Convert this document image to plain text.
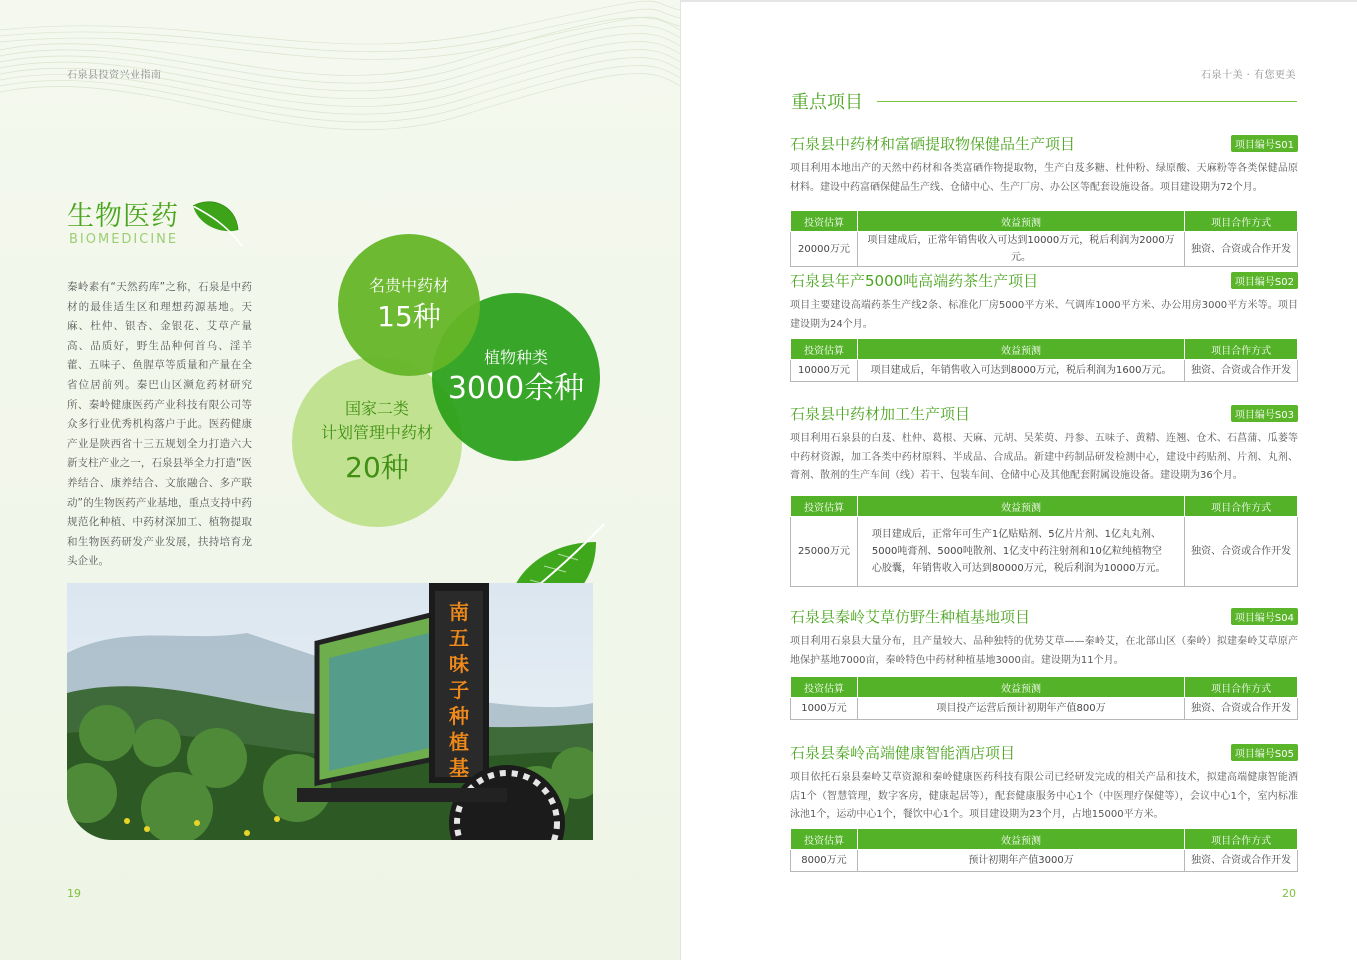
石泉县投资兴业指南
生物医药
BIOMEDICINE
秦岭素有“天然药库”之称，石泉是中药材的最佳适生区和理想药源基地。天麻、杜仲、银杏、金银花、艾草产量高、品质好，野生品种何首乌、淫羊藿、五味子、鱼腥草等质量和产量在全省位居前列。秦巴山区濒危药材研究所、秦岭健康医药产业科技有限公司等众多行业优秀机构落户于此。医药健康产业是陕西省十三五规划全力打造六大新支柱产业之一，石泉县举全力打造“医养结合、康养结合、文旅融合、多产联动”的生物医药产业基地，重点支持中药规范化种植、中药材深加工、植物提取和生物医药研发产业发展，扶持培育龙头企业。
国家二类
计划管理中药材
20种
植物种类
3000余种
名贵中药材
15种
南
五
味
子
种
植
基
19
石泉十美 · 有您更美
重点项目
石泉县中药材和富硒提取物保健品生产项目	项目编号S01
项目利用本地出产的天然中药材和各类富硒作物提取物，生产白芨多糖、杜仲粉、绿原酸、天麻粉等各类保健品原材料。建设中药富硒保健品生产线、仓储中心、生产厂房、办公区等配套设施设备。项目建设期为72个月。
投资估算	效益预测	项目合作方式
20000万元	项目建成后，正常年销售收入可达到10000万元，税后利润为2000万元。	独资、合资或合作开发
石泉县年产5000吨高端药茶生产项目	项目编号S02
项目主要建设高端药茶生产线2条、标准化厂房5000平方米、气调库1000平方米、办公用房3000平方米等。项目建设期为24个月。
投资估算	效益预测	项目合作方式
10000万元	项目建成后，年销售收入可达到8000万元，税后利润为1600万元。	独资、合资或合作开发
石泉县中药材加工生产项目	项目编号S03
项目利用石泉县的白芨、杜仲、葛根、天麻、元胡、吴茱萸、丹参、五味子、黄精、连翘、仓术、石菖蒲、瓜蒌等中药材资源，加工各类中药材原料、半成品、合成品。新建中药制品研发检测中心，建设中药贴剂、片剂、丸剂、膏剂、散剂的生产车间（线）若干、包装车间、仓储中心及其他配套附属设施设备。建设期为36个月。
投资估算	效益预测	项目合作方式
25000万元	项目建成后，正常年可生产1亿贴贴剂、5亿片片剂、1亿丸丸剂、5000吨膏剂、5000吨散剂、1亿支中药注射剂和10亿粒纯植物空心胶囊，年销售收入可达到80000万元，税后利润为10000万元。	独资、合资或合作开发
石泉县秦岭艾草仿野生种植基地项目	项目编号S04
项目利用石泉县大量分布，且产量较大、品种独特的优势艾草——秦岭艾，在北部山区（秦岭）拟建秦岭艾草原产地保护基地7000亩，秦岭特色中药材种植基地3000亩。建设期为11个月。
投资估算	效益预测	项目合作方式
1000万元	项目投产运营后预计初期年产值800万	独资、合资或合作开发
石泉县秦岭高端健康智能酒店项目	项目编号S05
项目依托石泉县秦岭艾草资源和秦岭健康医药科技有限公司已经研发完成的相关产品和技术，拟建高端健康智能酒店1个（智慧管理，数字客房，健康起居等），配套健康服务中心1个（中医理疗保健等），会议中心1个，室内标准泳池1个，运动中心1个，餐饮中心1个。项目建设期为23个月，占地15000平方米。
投资估算	效益预测	项目合作方式
8000万元	预计初期年产值3000万	独资、合资或合作开发
20
